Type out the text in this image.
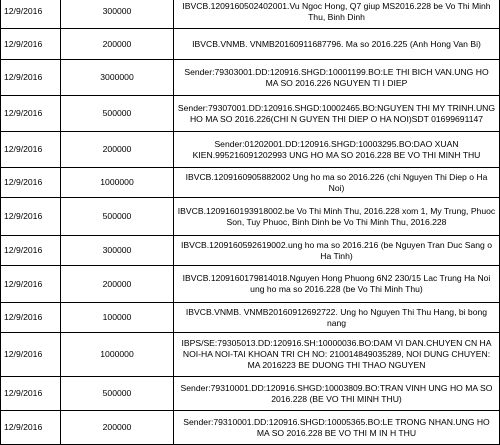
12/9/2016	300000	IBVCB.1209160502402001.Vu Ngoc Hong, Q7 giup MS2016.228 be Vo Thi Minh Thu, Binh Dinh
12/9/2016	200000	IBVCB.VNMB. VNMB20160911687796. Ma so 2016.225 (Anh Hong Van Bi)
12/9/2016	3000000	Sender:79303001.DD:120916.SHGD:10001199.BO:LE THI BICH VAN.UNG HO MA SO 2016.226 NGUYEN TI I DIEP
12/9/2016	500000	Sender:79307001.DD:120916.SHGD:10002465.BO:NGUYEN THI MY TRINH.UNG HO MA SO 2016.226(CHI N GUYEN THI DIEP O HA NOI)SDT 01699691147
12/9/2016	200000	Sender:01202001.DD:120916.SHGD:10003295.BO:DAO XUAN KIEN.995216091202993 UNG HO MA SO 2016.228 BE VO THI MINH THU
12/9/2016	1000000	IBVCB.1209160905882002 Ung ho ma so 2016.226 (chi Nguyen Thi Diep o Ha Noi)
12/9/2016	500000	IBVCB.1209160193918002.be Vo Thi Minh Thu, 2016.228 xom 1, My Trung, Phuoc Son, Tuy Phuoc, Binh Dinh be Vo Thi Minh Thu, 2016.228
12/9/2016	300000	IBVCB.1209160592619002.ung ho ma so 2016.216 (be Nguyen Tran Duc Sang o Ha Tinh)
12/9/2016	200000	IBVCB.1209160179814018.Nguyen Hong Phuong 6N2 230/15 Lac Trung Ha Noi ung ho ma so 2016.228 (be Vo Thi Minh Thu)
12/9/2016	100000	IBVCB.VNMB. VNMB20160912692722. Ung ho Nguyen Thi Thu Hang, bi bong nang
12/9/2016	1000000	IBPS/SE:79305013.DD:120916.SH:10000036.BO:DAM VI DAN.CHUYEN CN HA NOI-HA NOI-TAI KHOAN TRI CH NO: 210014849035289, NOI DUNG CHUYEN: MA 2016223 BE DUONG THI THAO NGUYEN
12/9/2016	500000	Sender:79310001.DD:120916.SHGD:10003809.BO:TRAN VINH UNG HO MA SO 2016.228 (BE VO THI MINH THU)
12/9/2016	200000	Sender:79310001.DD:120916.SHGD:10005365.BO:LE TRONG NHAN.UNG HO MA SO 2016.228 BE VO THI M IN H THU
